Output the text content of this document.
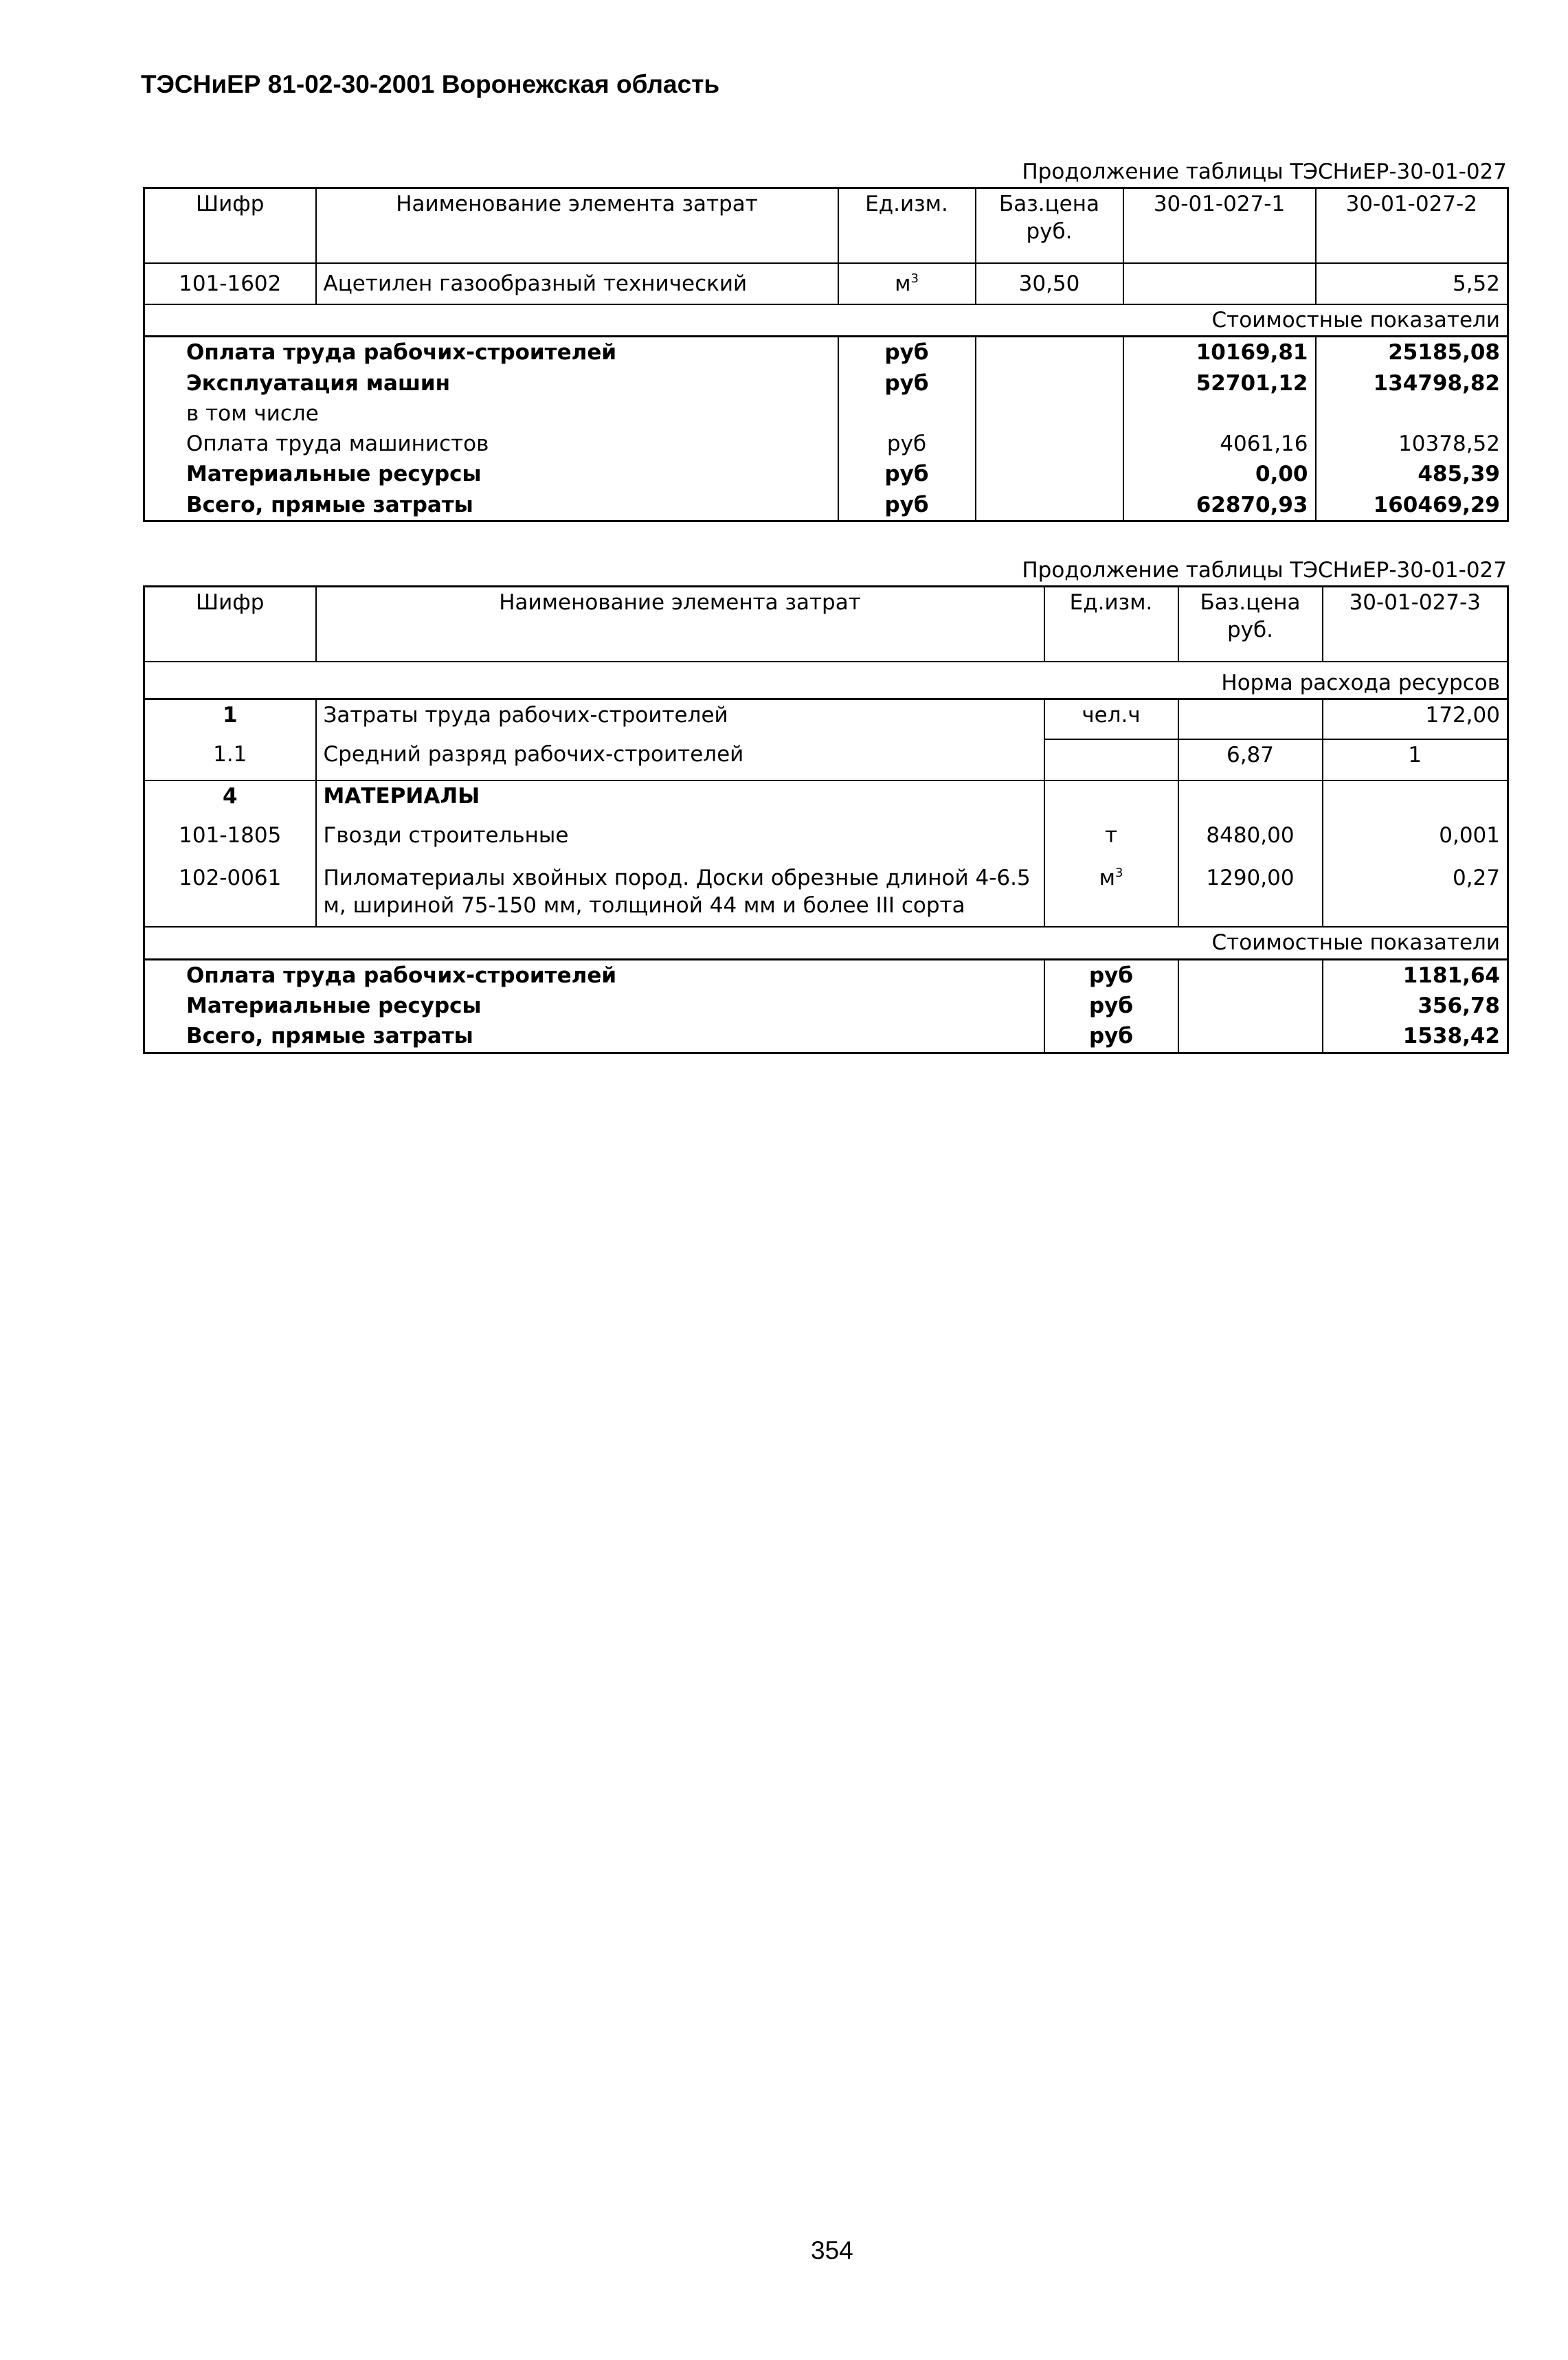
ТЭСНиЕР 81-02-30-2001 Воронежская область
Продолжение таблицы ТЭСНиЕР-30-01-027
Шифр	Наименование элемента затрат	Ед.изм.	Баз.цена руб.	30-01-027-1	30-01-027-2
101-1602	Ацетилен газообразный технический	$м^3$	30,50		5,52
Стоимостные показатели					
Оплата труда рабочих-строителей		руб		10169,81	25185,08
Эксплуатация машин		руб		52701,12	134798,82
в том числе					
Оплата труда машинистов		руб		4061,16	10378,52
Материальные ресурсы		руб		0,00	485,39
Всего, прямые затраты		руб		62870,93	160469,29
Продолжение таблицы ТЭСНиЕР-30-01-027
Шифр	Наименование элемента затрат	Ед.изм.	Баз.цена руб.	30-01-027-3
Норма расхода ресурсов				
1	Затраты труда рабочих-строителей	чел.ч		172,00
1.1	Средний разряд рабочих-строителей		6,87	1
4	МАТЕРИАЛЫ			
101-1805	Гвозди строительные	т	8480,00	0,001
102-0061	Пиломатериалы хвойных пород. Доски обрезные длиной 4-6.5 м, шириной 75-150 мм, толщиной 44 мм и более III сорта	$м^3$	1290,00	0,27
Стоимостные показатели				
Оплата труда рабочих-строителей		руб		1181,64
Материальные ресурсы		руб		356,78
Всего, прямые затраты		руб		1538,42
354
